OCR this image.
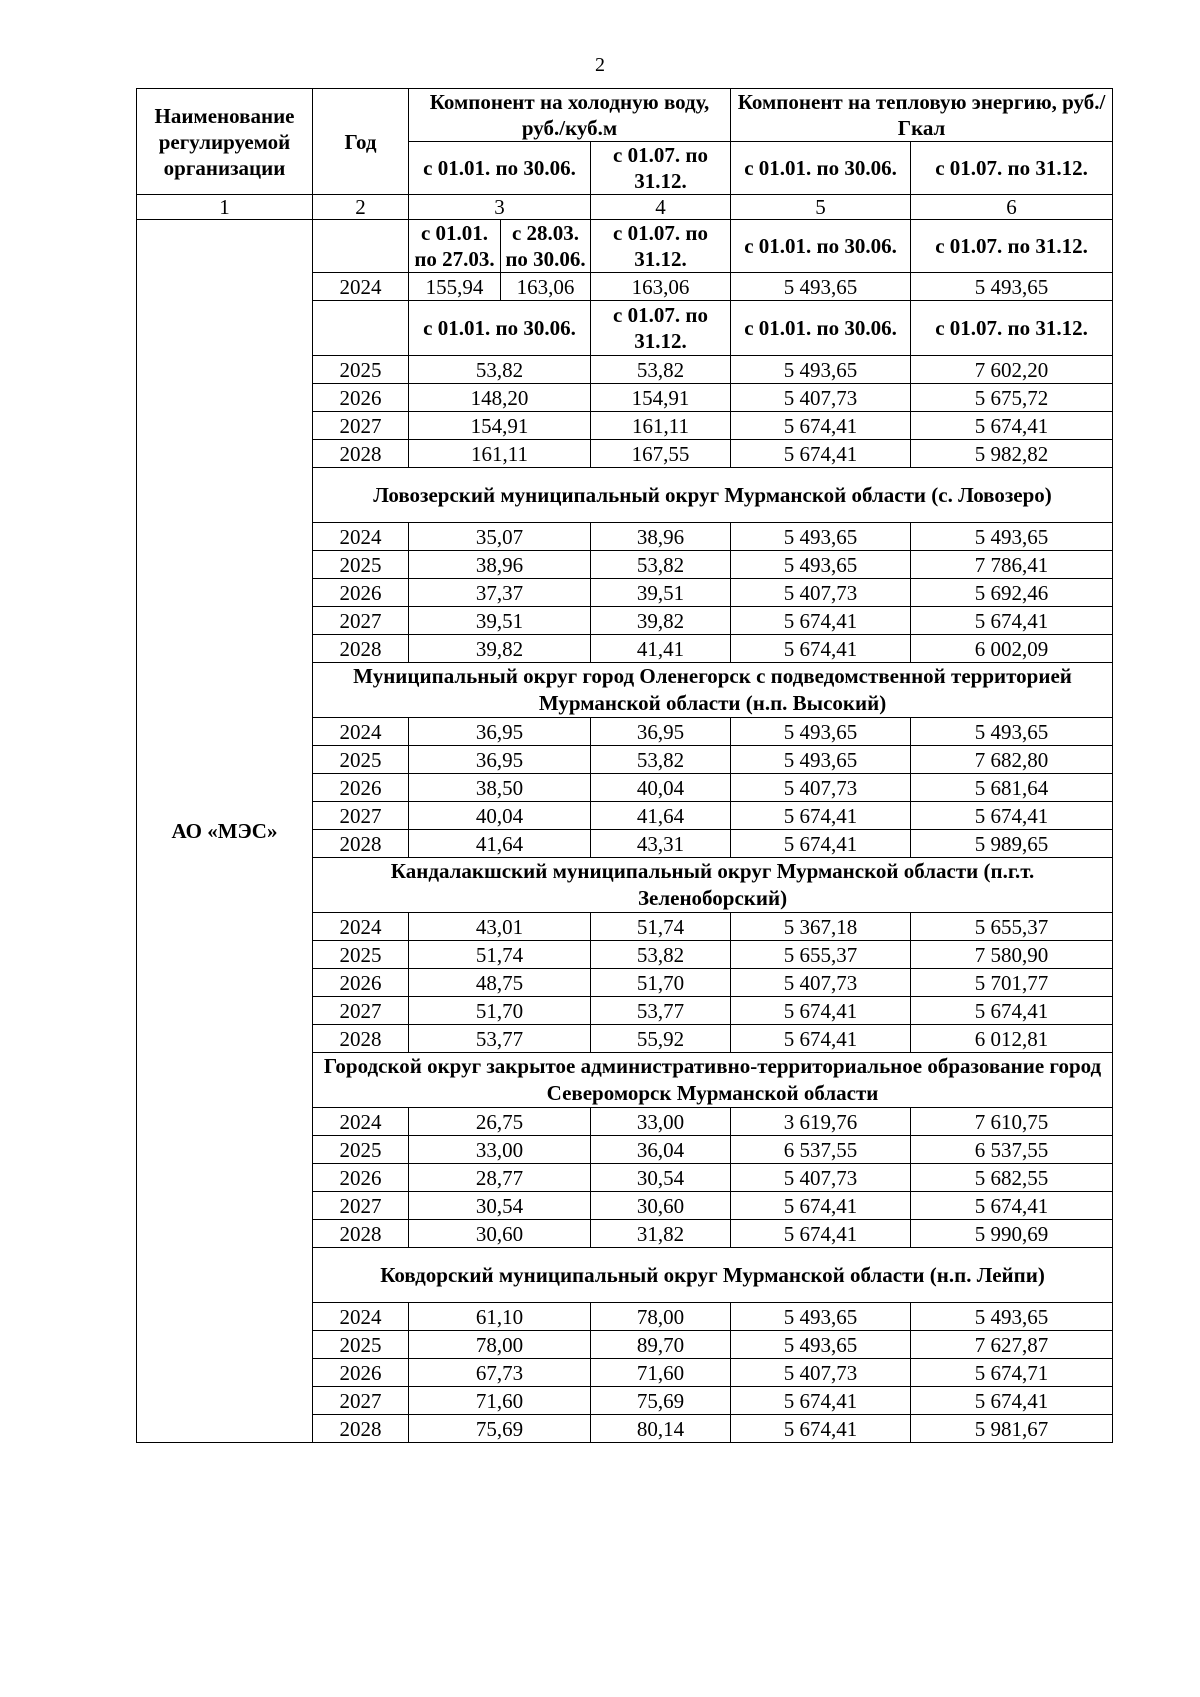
2
Наименование регулируемой организации	Год	Компонент на холодную воду, руб./куб.м			Компонент на тепловую энергию, руб./Гкал	
		с 01.01. по 30.06.		с 01.07. по 31.12.	с 01.01. по 30.06.	с 01.07. по 31.12.
1	2	3		4	5	6
АО «МЭС»		с 01.01. по 27.03.	с 28.03. по 30.06.	с 01.07. по 31.12.	с 01.01. по 30.06.	с 01.07. по 31.12.
	2024	155,94	163,06	163,06	5 493,65	5 493,65
		с 01.01. по 30.06.		с 01.07. по 31.12.	с 01.01. по 30.06.	с 01.07. по 31.12.
	2025	53,82		53,82	5 493,65	7 602,20
	2026	148,20		154,91	5 407,73	5 675,72
	2027	154,91		161,11	5 674,41	5 674,41
	2028	161,11		167,55	5 674,41	5 982,82
	Ловозерский муниципальный округ Мурманской области (с. Ловозеро)					
	2024	35,07		38,96	5 493,65	5 493,65
	2025	38,96		53,82	5 493,65	7 786,41
	2026	37,37		39,51	5 407,73	5 692,46
	2027	39,51		39,82	5 674,41	5 674,41
	2028	39,82		41,41	5 674,41	6 002,09
	Муниципальный округ город Оленегорск с подведомственной территорией Мурманской области (н.п. Высокий)					
	2024	36,95		36,95	5 493,65	5 493,65
	2025	36,95		53,82	5 493,65	7 682,80
	2026	38,50		40,04	5 407,73	5 681,64
	2027	40,04		41,64	5 674,41	5 674,41
	2028	41,64		43,31	5 674,41	5 989,65
	Кандалакшский муниципальный округ Мурманской области (п.г.т. Зеленоборский)					
	2024	43,01		51,74	5 367,18	5 655,37
	2025	51,74		53,82	5 655,37	7 580,90
	2026	48,75		51,70	5 407,73	5 701,77
	2027	51,70		53,77	5 674,41	5 674,41
	2028	53,77		55,92	5 674,41	6 012,81
	Городской округ закрытое административно-территориальное образование город Североморск Мурманской области					
	2024	26,75		33,00	3 619,76	7 610,75
	2025	33,00		36,04	6 537,55	6 537,55
	2026	28,77		30,54	5 407,73	5 682,55
	2027	30,54		30,60	5 674,41	5 674,41
	2028	30,60		31,82	5 674,41	5 990,69
	Ковдорский муниципальный округ Мурманской области (н.п. Лейпи)					
	2024	61,10		78,00	5 493,65	5 493,65
	2025	78,00		89,70	5 493,65	7 627,87
	2026	67,73		71,60	5 407,73	5 674,71
	2027	71,60		75,69	5 674,41	5 674,41
	2028	75,69		80,14	5 674,41	5 981,67
